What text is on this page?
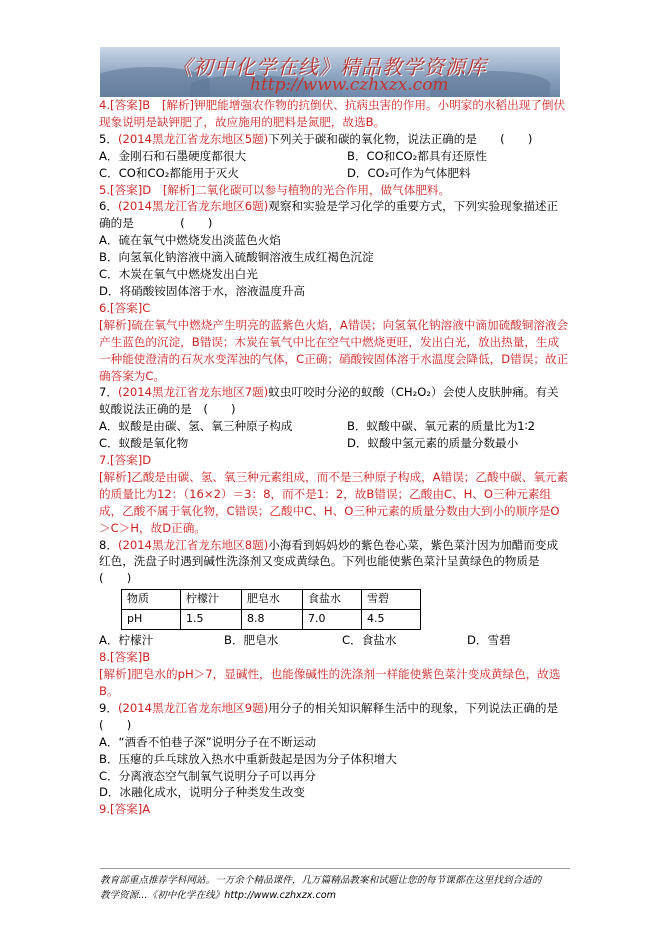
《初中化学在线》精品教学资源库
http://www.czhxzx.com

4.[答案]B　[解析]钾肥能增强农作物的抗倒伏、抗病虫害的作用。小明家的水稻出现了倒伏现象说明是缺钾肥了，故应施用的肥料是氮肥，故选B。

5．(2014黑龙江省龙东地区5题)下列关于碳和碳的氧化物，说法正确的是　　(　　)

A．金刚石和石墨硬度都很大	B．CO和CO₂都具有还原性
C．CO和CO₂都能用于灭火	D．CO₂可作为气体肥料

5.[答案]D　[解析]二氧化碳可以参与植物的光合作用，做气体肥料。

6．(2014黑龙江省龙东地区6题)观察和实验是学习化学的重要方式，下列实验现象描述正确的是　　　　(　　)

A．硫在氧气中燃烧发出淡蓝色火焰

B．向氢氧化钠溶液中滴入硫酸铜溶液生成红褐色沉淀

C．木炭在氧气中燃烧发出白光

D．将硝酸铵固体溶于水，溶液温度升高

6.[答案]C

[解析]硫在氧气中燃烧产生明亮的蓝紫色火焰，A错误；向氢氧化钠溶液中滴加硫酸铜溶液会产生蓝色的沉淀，B错误；木炭在氧气中比在空气中燃烧更旺，发出白光，放出热量，生成一种能使澄清的石灰水变浑浊的气体，C正确；硝酸铵固体溶于水温度会降低，D错误；故正确答案为C。

7．(2014黑龙江省龙东地区7题)蚊虫叮咬时分泌的蚁酸（CH₂O₂）会使人皮肤肿痛。有关蚁酸说法正确的是　(　　)

A．蚁酸是由碳、氢、氧三种原子构成	B．蚁酸中碳、氧元素的质量比为1∶2
C．蚁酸是氧化物	D．蚁酸中氢元素的质量分数最小

7.[答案]D

[解析]乙酸是由碳、氢、氧三种元素组成，而不是三种原子构成，A错误；乙酸中碳、氧元素的质量比为12：（16×2）＝3：8，而不是1：2，故B错误；乙酸由C、H、O三种元素组成，乙酸不属于氧化物，C错误；乙酸中C、H、O三种元素的质量分数由大到小的顺序是O＞C＞H，故D正确。

8．(2014黑龙江省龙东地区8题)小海看到妈妈炒的紫色卷心菜，紫色菜汁因为加醋而变成红色，洗盘子时遇到碱性洗涤剂又变成黄绿色。下列也能使紫色菜汁呈黄绿色的物质是

(　　)

物质	柠檬汁	肥皂水	食盐水	雪碧
pH	1.5	8.8	7.0	4.5
A．柠檬汁	B．肥皂水	C．食盐水	D．雪碧

8.[答案]B

[解析]肥皂水的pH＞7，显碱性，也能像碱性的洗涤剂一样能使紫色菜汁变成黄绿色，故选B。

9．(2014黑龙江省龙东地区9题)用分子的相关知识解释生活中的现象，下列说法正确的是(　　)

A．“酒香不怕巷子深”说明分子在不断运动

B．压瘪的乒乓球放入热水中重新鼓起是因为分子体积增大

C．分离液态空气制氧气说明分子可以再分

D．冰融化成水，说明分子种类发生改变

9.[答案]A

教育部重点推荐学科网站。一万余个精品课件，几万篇精品教案和试题让您的每节课都在这里找到合适的
教学资源...《初中化学在线》http://www.czhxzx.com
